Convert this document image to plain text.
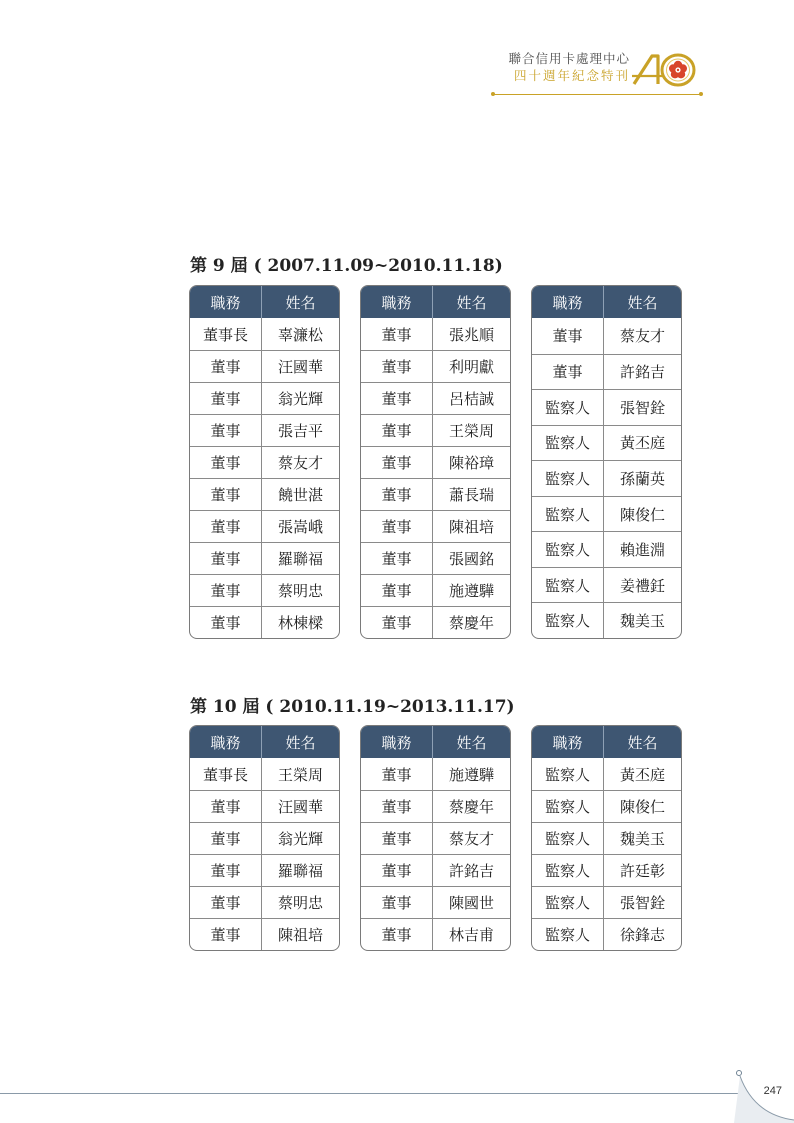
聯合信用卡處理中心
四十週年紀念特刊
第 9 屆 ( 2007.11.09~2010.11.18)
職務	姓名
董事長	辜濂松
董事	汪國華
董事	翁光輝
董事	張吉平
董事	蔡友才
董事	饒世湛
董事	張嵩峨
董事	羅聯福
董事	蔡明忠
董事	林棟樑
職務	姓名
董事	張兆順
董事	利明獻
董事	呂桔誠
董事	王榮周
董事	陳裕璋
董事	蕭長瑞
董事	陳祖培
董事	張國銘
董事	施遵驊
董事	蔡慶年
職務	姓名
董事	蔡友才
董事	許銘吉
監察人	張智銓
監察人	黃丕庭
監察人	孫蘭英
監察人	陳俊仁
監察人	賴進淵
監察人	姜禮鈓
監察人	魏美玉
第 10 屆 ( 2010.11.19~2013.11.17)
職務	姓名
董事長	王榮周
董事	汪國華
董事	翁光輝
董事	羅聯福
董事	蔡明忠
董事	陳祖培
職務	姓名
董事	施遵驊
董事	蔡慶年
董事	蔡友才
董事	許銘吉
董事	陳國世
董事	林吉甫
職務	姓名
監察人	黃丕庭
監察人	陳俊仁
監察人	魏美玉
監察人	許廷彰
監察人	張智銓
監察人	徐鋒志
247
